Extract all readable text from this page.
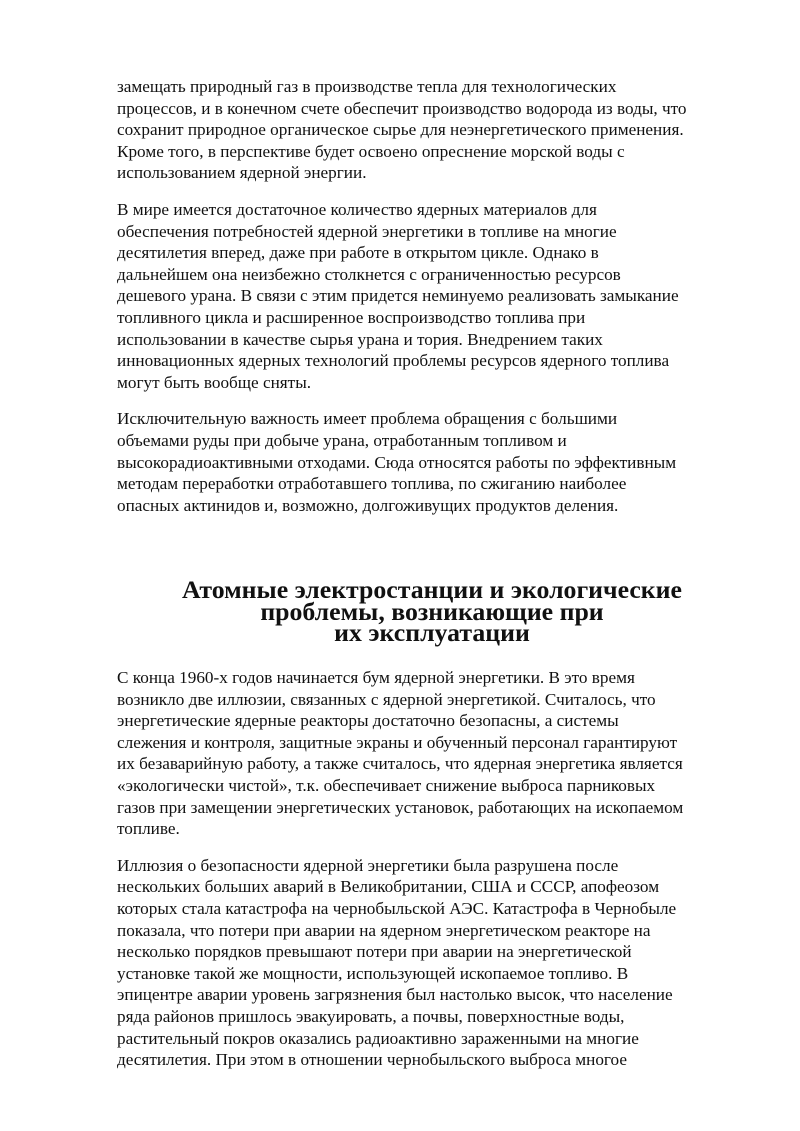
замещать природный газ в производстве тепла для технологических
процессов, и в конечном счете обеспечит производство водорода из воды, что
сохранит природное органическое сырье для неэнергетического применения.
Кроме того, в перспективе будет освоено опреснение морской воды с
использованием ядерной энергии.

В мире имеется достаточное количество ядерных материалов для
обеспечения потребностей ядерной энергетики в топливе на многие
десятилетия вперед, даже при работе в открытом цикле. Однако в
дальнейшем она неизбежно столкнется с ограниченностью ресурсов
дешевого урана. В связи с этим придется неминуемо реализовать замыкание
топливного цикла и расширенное воспроизводство топлива при
использовании в качестве сырья урана и тория. Внедрением таких
инновационных ядерных технологий проблемы ресурсов ядерного топлива
могут быть вообще сняты.

Исключительную важность имеет проблема обращения с большими
объемами руды при добыче урана, отработанным топливом и
высокорадиоактивными отходами. Сюда относятся работы по эффективным
методам переработки отработавшего топлива, по сжиганию наиболее
опасных актинидов и, возможно, долгоживущих продуктов деления.

Атомные электростанции и экологические проблемы, возникающие при
их эксплуатации

С конца 1960-х годов начинается бум ядерной энергетики. В это время
возникло две иллюзии, связанных с ядерной энергетикой. Считалось, что
энергетические ядерные реакторы достаточно безопасны, а системы
слежения и контроля, защитные экраны и обученный персонал гарантируют
их безаварийную работу, а также считалось, что ядерная энергетика является
«экологически чистой», т.к. обеспечивает снижение выброса парниковых
газов при замещении энергетических установок, работающих на ископаемом
топливе.

Иллюзия о безопасности ядерной энергетики была разрушена после
нескольких больших аварий в Великобритании, США и СССР, апофеозом
которых стала катастрофа на чернобыльской АЭС. Катастрофа в Чернобыле
показала, что потери при аварии на ядерном энергетическом реакторе на
несколько порядков превышают потери при аварии на энергетической
установке такой же мощности, использующей ископаемое топливо. В
эпицентре аварии уровень загрязнения был настолько высок, что население
ряда районов пришлось эвакуировать, а почвы, поверхностные воды,
растительный покров оказались радиоактивно зараженными на многие
десятилетия. При этом в отношении чернобыльского выброса многое
